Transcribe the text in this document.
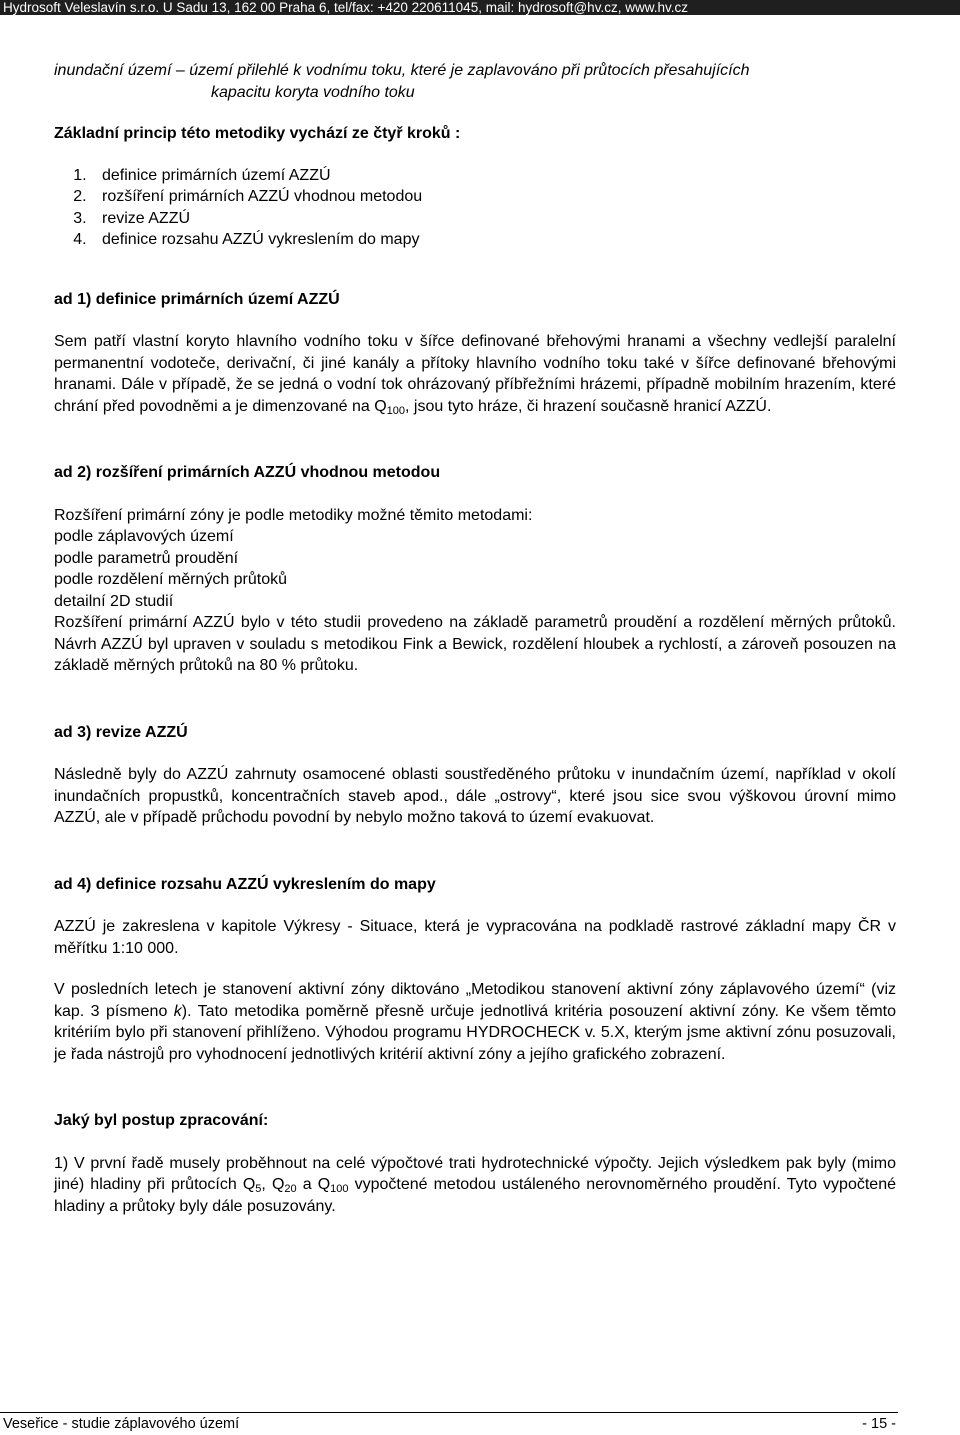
Hydrosoft Veleslavín s.r.o. U Sadu 13, 162 00 Praha 6, tel/fax: +420 220611045, mail: hydrosoft@hv.cz, www.hv.cz

inundační území – území přilehlé k vodnímu toku, které je zaplavováno při průtocích přesahujících

kapacitu koryta vodního toku

Základní princip této metodiky vychází ze čtyř kroků :

1. definice primárních území AZZÚ
2. rozšíření primárních AZZÚ vhodnou metodou
3. revize AZZÚ
4. definice rozsahu AZZÚ vykreslením do mapy
ad 1) definice primárních území AZZÚ

Sem patří vlastní koryto hlavního vodního toku v šířce definované břehovými hranami a všechny vedlejší paralelní permanentní vodoteče, derivační, či jiné kanály a přítoky hlavního vodního toku také v šířce definované břehovými hranami. Dále v případě, že se jedná o vodní tok ohrázovaný příbřežními hrázemi, případně mobilním hrazením, které chrání před povodněmi a je dimenzované na $Q_{100}$, jsou tyto hráze, či hrazení současně hranicí AZZÚ.

ad 2) rozšíření primárních AZZÚ vhodnou metodou

Rozšíření primární zóny je podle metodiky možné těmito metodami:

podle záplavových území

podle parametrů proudění

podle rozdělení měrných průtoků

detailní 2D studií

Rozšíření primární AZZÚ bylo v této studii provedeno na základě parametrů proudění a rozdělení měrných průtoků. Návrh AZZÚ byl upraven v souladu s metodikou Fink a Bewick, rozdělení hloubek a rychlostí, a zároveň posouzen na základě měrných průtoků na 80 % průtoku.

ad 3) revize AZZÚ

Následně byly do AZZÚ zahrnuty osamocené oblasti soustředěného průtoku v inundačním území, například v okolí inundačních propustků, koncentračních staveb apod., dále „ostrovy“, které jsou sice svou výškovou úrovní mimo AZZÚ, ale v případě průchodu povodní by nebylo možno taková to území evakuovat.

ad 4) definice rozsahu AZZÚ vykreslením do mapy

AZZÚ je zakreslena v kapitole Výkresy - Situace, která je vypracována na podkladě rastrové základní mapy ČR v měřítku 1:10 000.

V posledních letech je stanovení aktivní zóny diktováno „Metodikou stanovení aktivní zóny záplavového území“ (viz kap. 3 písmeno k). Tato metodika poměrně přesně určuje jednotlivá kritéria posouzení aktivní zóny. Ke všem těmto kritériím bylo při stanovení přihlíženo. Výhodou programu HYDROCHECK v. 5.X, kterým jsme aktivní zónu posuzovali, je řada nástrojů pro vyhodnocení jednotlivých kritérií aktivní zóny a jejího grafického zobrazení.

Jaký byl postup zpracování:

1) V první řadě musely proběhnout na celé výpočtové trati hydrotechnické výpočty. Jejich výsledkem pak byly (mimo jiné) hladiny při průtocích $Q_5$, $Q_{20}$ a $Q_{100}$ vypočtené metodou ustáleného nerovnoměrného proudění. Tyto vypočtené hladiny a průtoky byly dále posuzovány.

Veseřice - studie záplavového území	- 15 -
